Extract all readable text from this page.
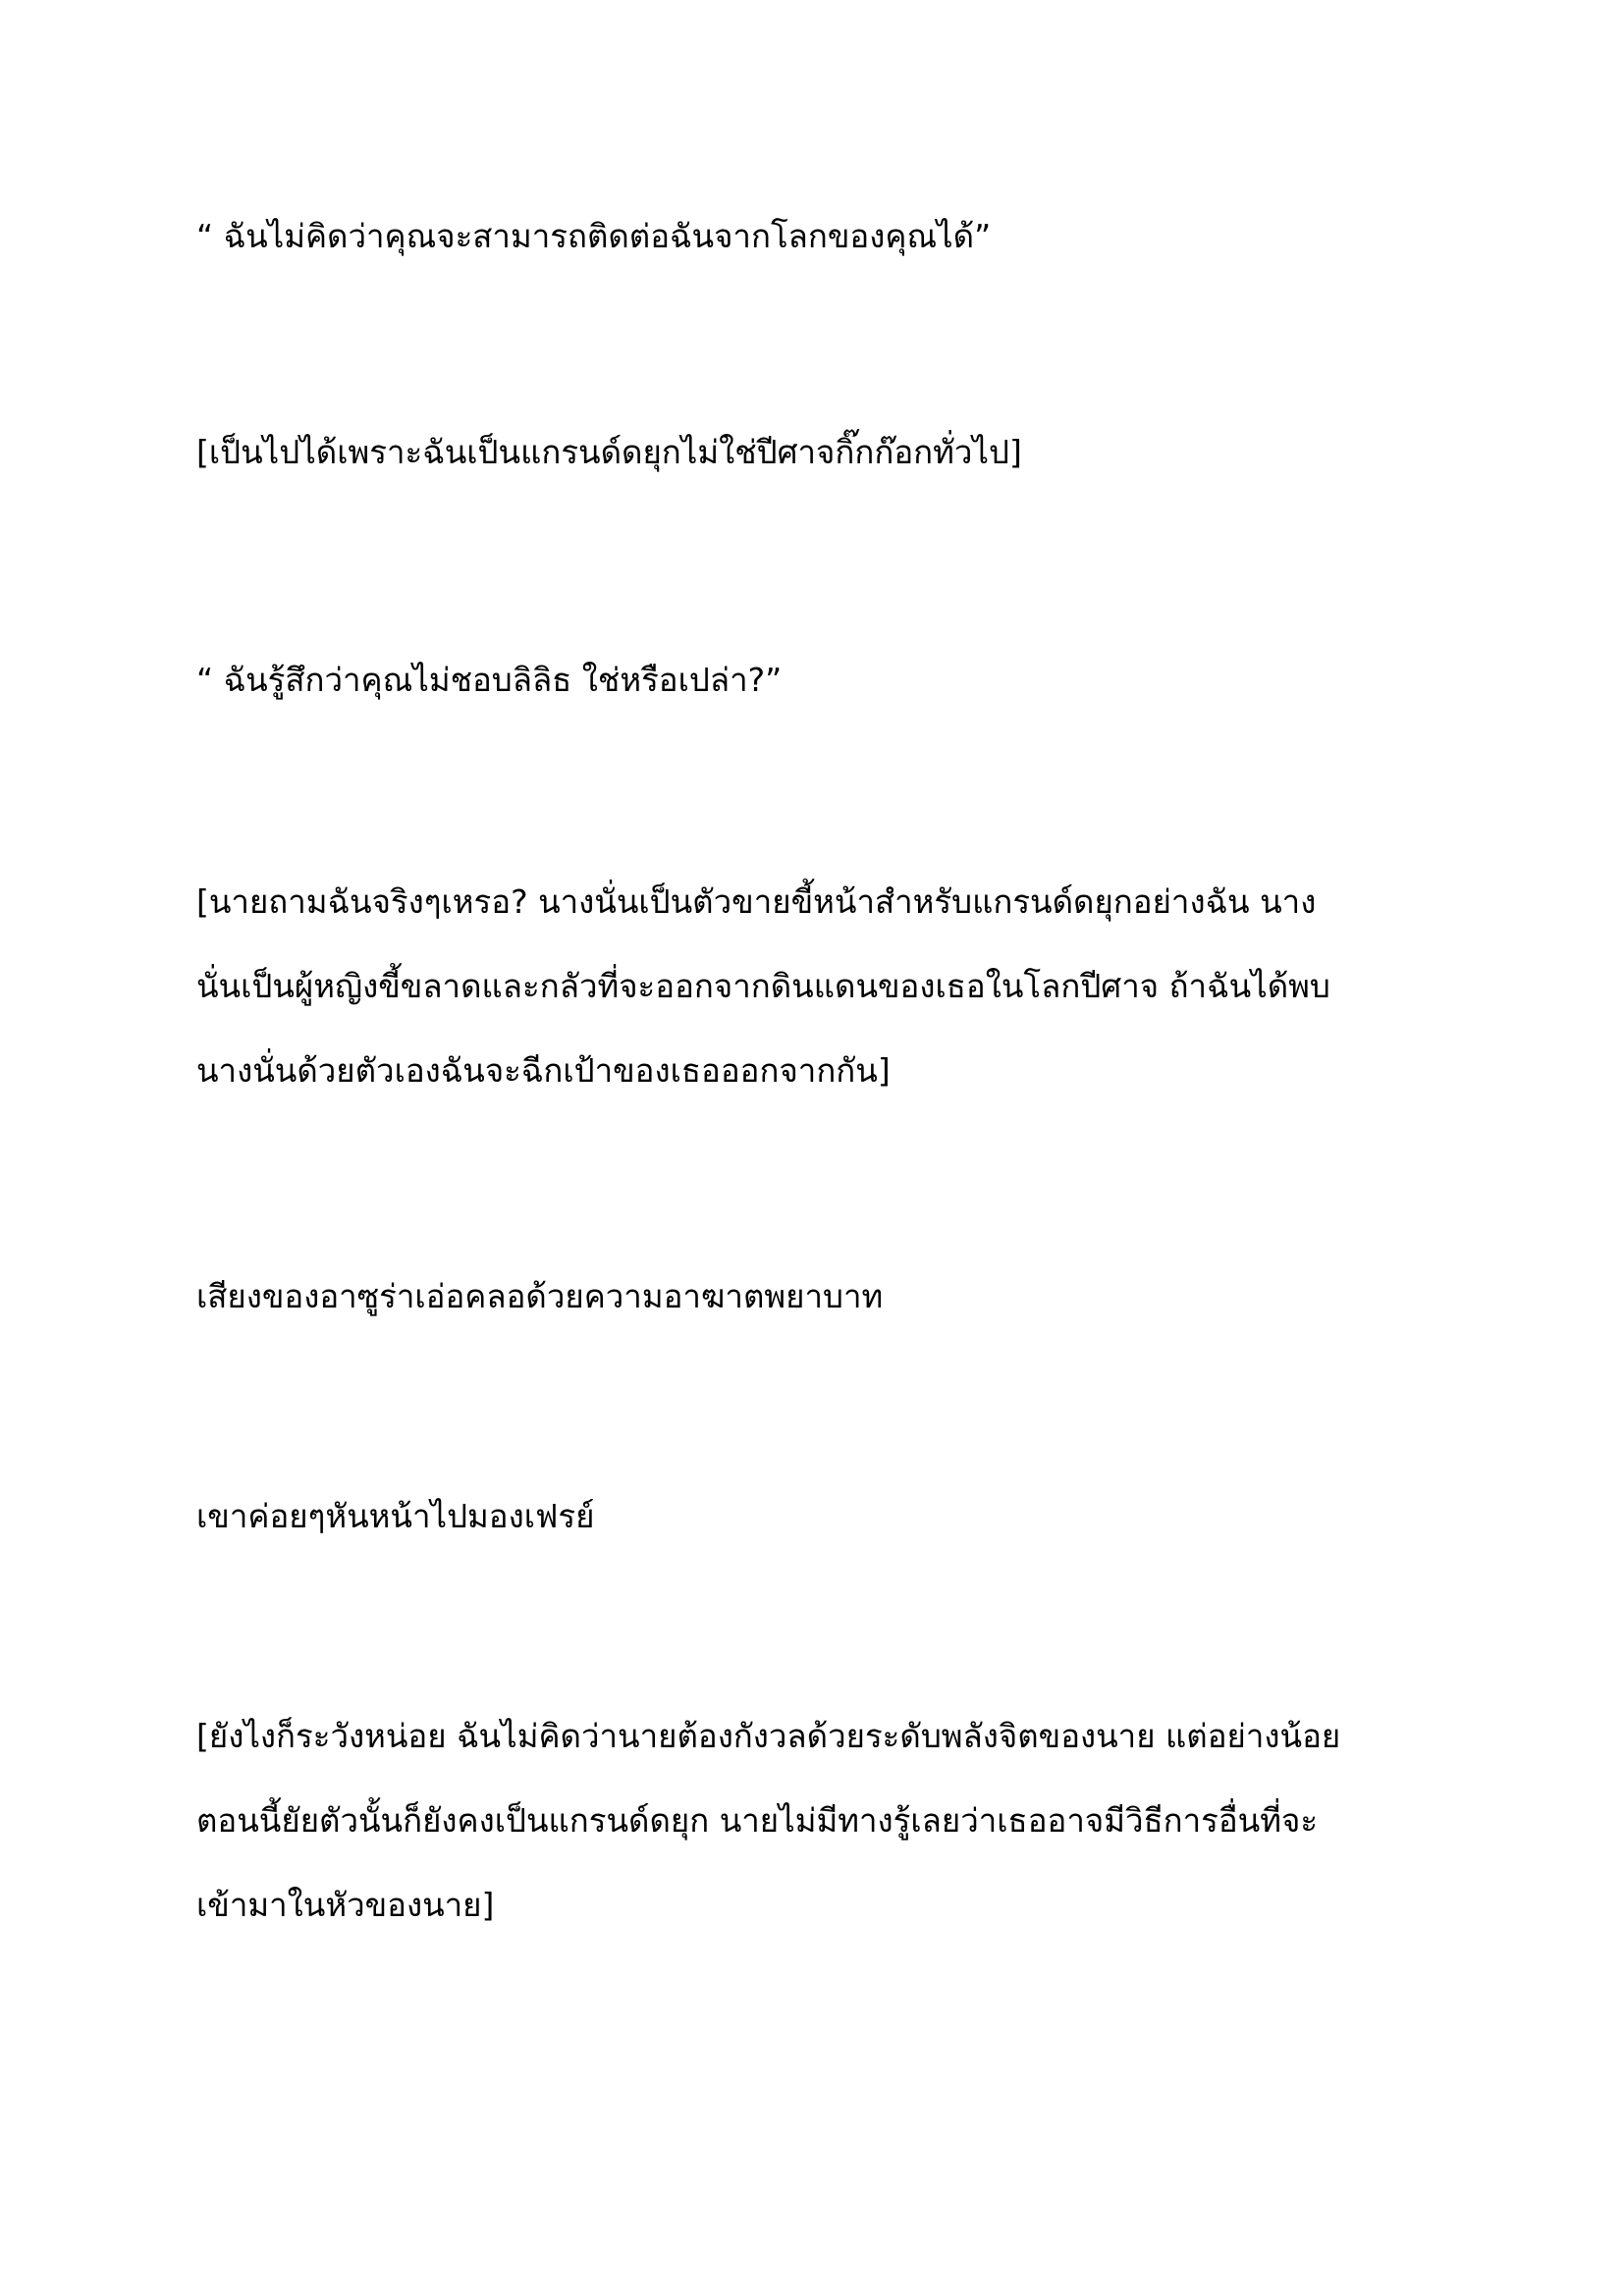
“ ฉันไม่คิดว่าคุณจะสามารถติดต่อฉันจากโลกของคุณได้”

[เป็นไปได้เพราะฉันเป็นแกรนด์ดยุกไม่ใช่ปีศาจกิ๊กก๊อกทั่วไป]

“ ฉันรู้สึกว่าคุณไม่ชอบลิลิธ ใช่หรือเปล่า?”

[นายถามฉันจริงๆเหรอ? นางนั่นเป็นตัวขายขี้หน้าสำหรับแกรนด์ดยุกอย่างฉัน นาง
นั่นเป็นผู้หญิงขี้ขลาดและกลัวที่จะออกจากดินแดนของเธอในโลกปีศาจ ถ้าฉันได้พบ
นางนั่นด้วยตัวเองฉันจะฉีกเป้าของเธอออกจากกัน]

เสียงของอาซูร่าเอ่อคลอด้วยความอาฆาตพยาบาท

เขาค่อยๆหันหน้าไปมองเฟรย์

[ยังไงก็ระวังหน่อย ฉันไม่คิดว่านายต้องกังวลด้วยระดับพลังจิตของนาย แต่อย่างน้อย
ตอนนี้ยัยตัวนั้นก็ยังคงเป็นแกรนด์ดยุก นายไม่มีทางรู้เลยว่าเธออาจมีวิธีการอื่นที่จะ
เข้ามาในหัวของนาย]
